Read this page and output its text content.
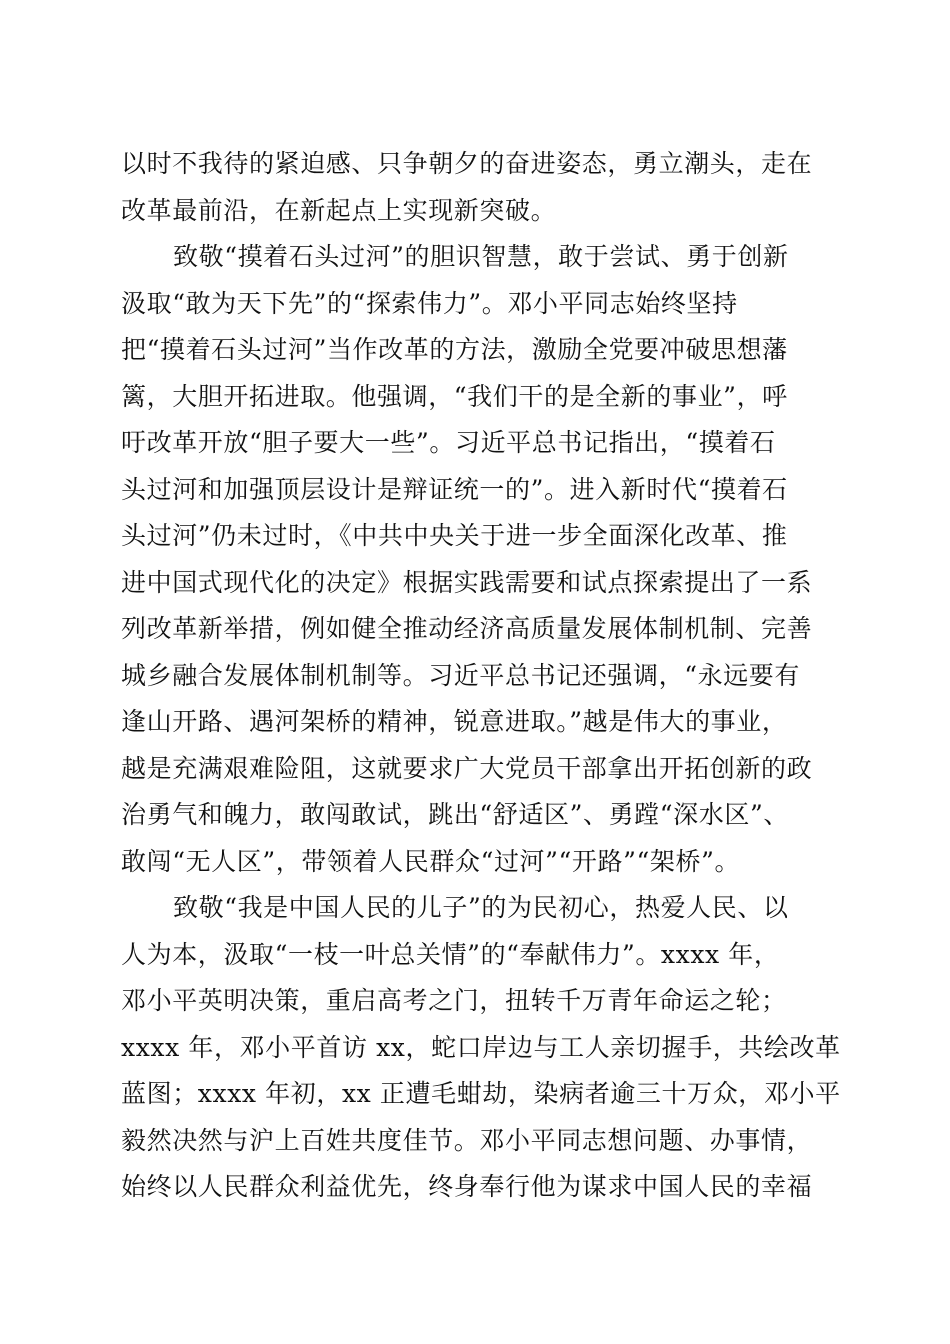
以时不我待的紧迫感、只争朝夕的奋进姿态，勇立潮头，走在
改革最前沿，在新起点上实现新突破。
致敬“摸着石头过河”的胆识智慧，敢于尝试、勇于创新
汲取“敢为天下先”的“探索伟力”。邓小平同志始终坚持
把“摸着石头过河”当作改革的方法，激励全党要冲破思想藩
篱，大胆开拓进取。他强调，“我们干的是全新的事业”，呼
吁改革开放“胆子要大一些”。习近平总书记指出，“摸着石
头过河和加强顶层设计是辩证统一的”。进入新时代“摸着石
头过河”仍未过时，《中共中央关于进一步全面深化改革、推
进中国式现代化的决定》根据实践需要和试点探索提出了一系
列改革新举措，例如健全推动经济高质量发展体制机制、完善
城乡融合发展体制机制等。习近平总书记还强调，“永远要有
逢山开路、遇河架桥的精神，锐意进取。”越是伟大的事业，
越是充满艰难险阻，这就要求广大党员干部拿出开拓创新的政
治勇气和魄力，敢闯敢试，跳出“舒适区”、勇蹚“深水区”、
敢闯“无人区”，带领着人民群众“过河”“开路”“架桥”。
致敬“我是中国人民的儿子”的为民初心，热爱人民、以
人为本，汲取“一枝一叶总关情”的“奉献伟力”。xxxx 年，
邓小平英明决策，重启高考之门，扭转千万青年命运之轮；
xxxx 年，邓小平首访 xx，蛇口岸边与工人亲切握手，共绘改革
蓝图；xxxx 年初，xx 正遭毛蚶劫，染病者逾三十万众，邓小平
毅然决然与沪上百姓共度佳节。邓小平同志想问题、办事情，
始终以人民群众利益优先，终身奉行他为谋求中国人民的幸福
